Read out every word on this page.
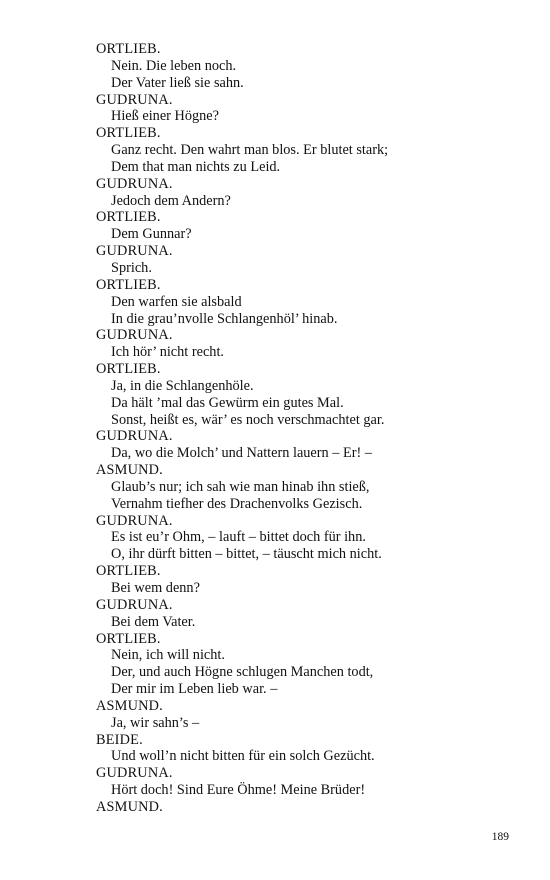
ORTLIEB.
Nein. Die leben noch.
Der Vater ließ sie sahn.
GUDRUNA.
Hieß einer Högne?
ORTLIEB.
Ganz recht. Den wahrt man blos. Er blutet stark;
Dem that man nichts zu Leid.
GUDRUNA.
Jedoch dem Andern?
ORTLIEB.
Dem Gunnar?
GUDRUNA.
Sprich.
ORTLIEB.
Den warfen sie alsbald
In die grau’nvolle Schlangenhöl’ hinab.
GUDRUNA.
Ich hör’ nicht recht.
ORTLIEB.
Ja, in die Schlangenhöle.
Da hält ’mal das Gewürm ein gutes Mal.
Sonst, heißt es, wär’ es noch verschmachtet gar.
GUDRUNA.
Da, wo die Molch’ und Nattern lauern – Er! –
ASMUND.
Glaub’s nur; ich sah wie man hinab ihn stieß,
Vernahm tiefher des Drachenvolks Gezisch.
GUDRUNA.
Es ist eu’r Ohm, – lauft – bittet doch für ihn.
O, ihr dürft bitten – bittet, – täuscht mich nicht.
ORTLIEB.
Bei wem denn?
GUDRUNA.
Bei dem Vater.
ORTLIEB.
Nein, ich will nicht.
Der, und auch Högne schlugen Manchen todt,
Der mir im Leben lieb war. –
ASMUND.
Ja, wir sahn’s –
BEIDE.
Und woll’n nicht bitten für ein solch Gezücht.
GUDRUNA.
Hört doch! Sind Eure Öhme! Meine Brüder!
ASMUND.
189
